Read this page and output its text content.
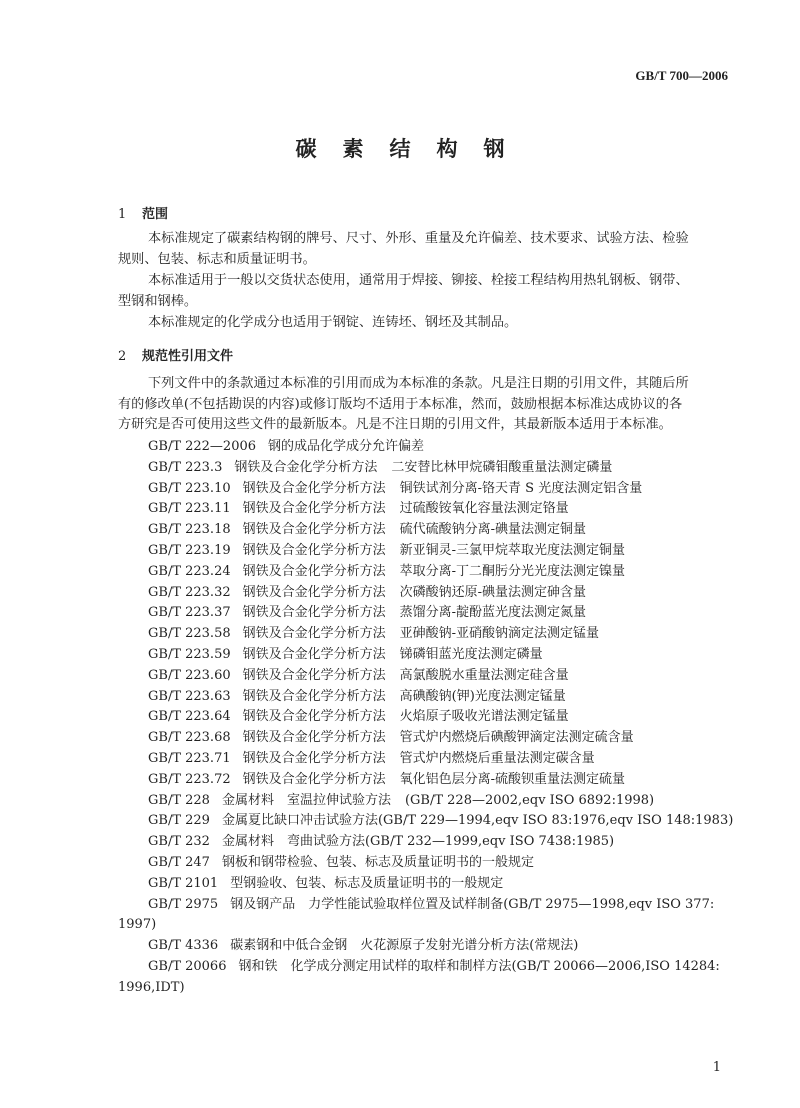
GB/T 700—2006
碳素结构钢
1 范围
本标准规定了碳素结构钢的牌号、尺寸、外形、重量及允许偏差、技术要求、试验方法、检验规则、包装、标志和质量证明书。
本标准适用于一般以交货状态使用，通常用于焊接、铆接、栓接工程结构用热轧钢板、钢带、型钢和钢棒。
本标准规定的化学成分也适用于钢锭、连铸坯、钢坯及其制品。
2 规范性引用文件
下列文件中的条款通过本标准的引用而成为本标准的条款。凡是注日期的引用文件，其随后所有的修改单(不包括勘误的内容)或修订版均不适用于本标准，然而，鼓励根据本标准达成协议的各方研究是否可使用这些文件的最新版本。凡是不注日期的引用文件，其最新版本适用于本标准。
GB/T 222—2006 钢的成品化学成分允许偏差
GB/T 223.3 钢铁及合金化学分析方法 二安替比林甲烷磷钼酸重量法测定磷量
GB/T 223.10 钢铁及合金化学分析方法 铜铁试剂分离-铬天青 S 光度法测定铝含量
GB/T 223.11 钢铁及合金化学分析方法 过硫酸铵氧化容量法测定铬量
GB/T 223.18 钢铁及合金化学分析方法 硫代硫酸钠分离-碘量法测定铜量
GB/T 223.19 钢铁及合金化学分析方法 新亚铜灵-三氯甲烷萃取光度法测定铜量
GB/T 223.24 钢铁及合金化学分析方法 萃取分离-丁二酮肟分光光度法测定镍量
GB/T 223.32 钢铁及合金化学分析方法 次磷酸钠还原-碘量法测定砷含量
GB/T 223.37 钢铁及合金化学分析方法 蒸馏分离-靛酚蓝光度法测定氮量
GB/T 223.58 钢铁及合金化学分析方法 亚砷酸钠-亚硝酸钠滴定法测定锰量
GB/T 223.59 钢铁及合金化学分析方法 锑磷钼蓝光度法测定磷量
GB/T 223.60 钢铁及合金化学分析方法 高氯酸脱水重量法测定硅含量
GB/T 223.63 钢铁及合金化学分析方法 高碘酸钠(钾)光度法测定锰量
GB/T 223.64 钢铁及合金化学分析方法 火焰原子吸收光谱法测定锰量
GB/T 223.68 钢铁及合金化学分析方法 管式炉内燃烧后碘酸钾滴定法测定硫含量
GB/T 223.71 钢铁及合金化学分析方法 管式炉内燃烧后重量法测定碳含量
GB/T 223.72 钢铁及合金化学分析方法 氧化铝色层分离-硫酸钡重量法测定硫量
GB/T 228 金属材料　室温拉伸试验方法 (GB/T 228—2002,eqv ISO 6892:1998)
GB/T 229 金属夏比缺口冲击试验方法(GB/T 229—1994,eqv ISO 83:1976,eqv ISO 148:1983)
GB/T 232 金属材料　弯曲试验方法(GB/T 232—1999,eqv ISO 7438:1985)
GB/T 247 钢板和钢带检验、包装、标志及质量证明书的一般规定
GB/T 2101 型钢验收、包装、标志及质量证明书的一般规定
GB/T 2975 钢及钢产品　力学性能试验取样位置及试样制备(GB/T 2975—1998,eqv ISO 377:
1997)
GB/T 4336 碳素钢和中低合金钢　火花源原子发射光谱分析方法(常规法)
GB/T 20066 钢和铁　化学成分测定用试样的取样和制样方法(GB/T 20066—2006,ISO 14284:
1996,IDT)
1
